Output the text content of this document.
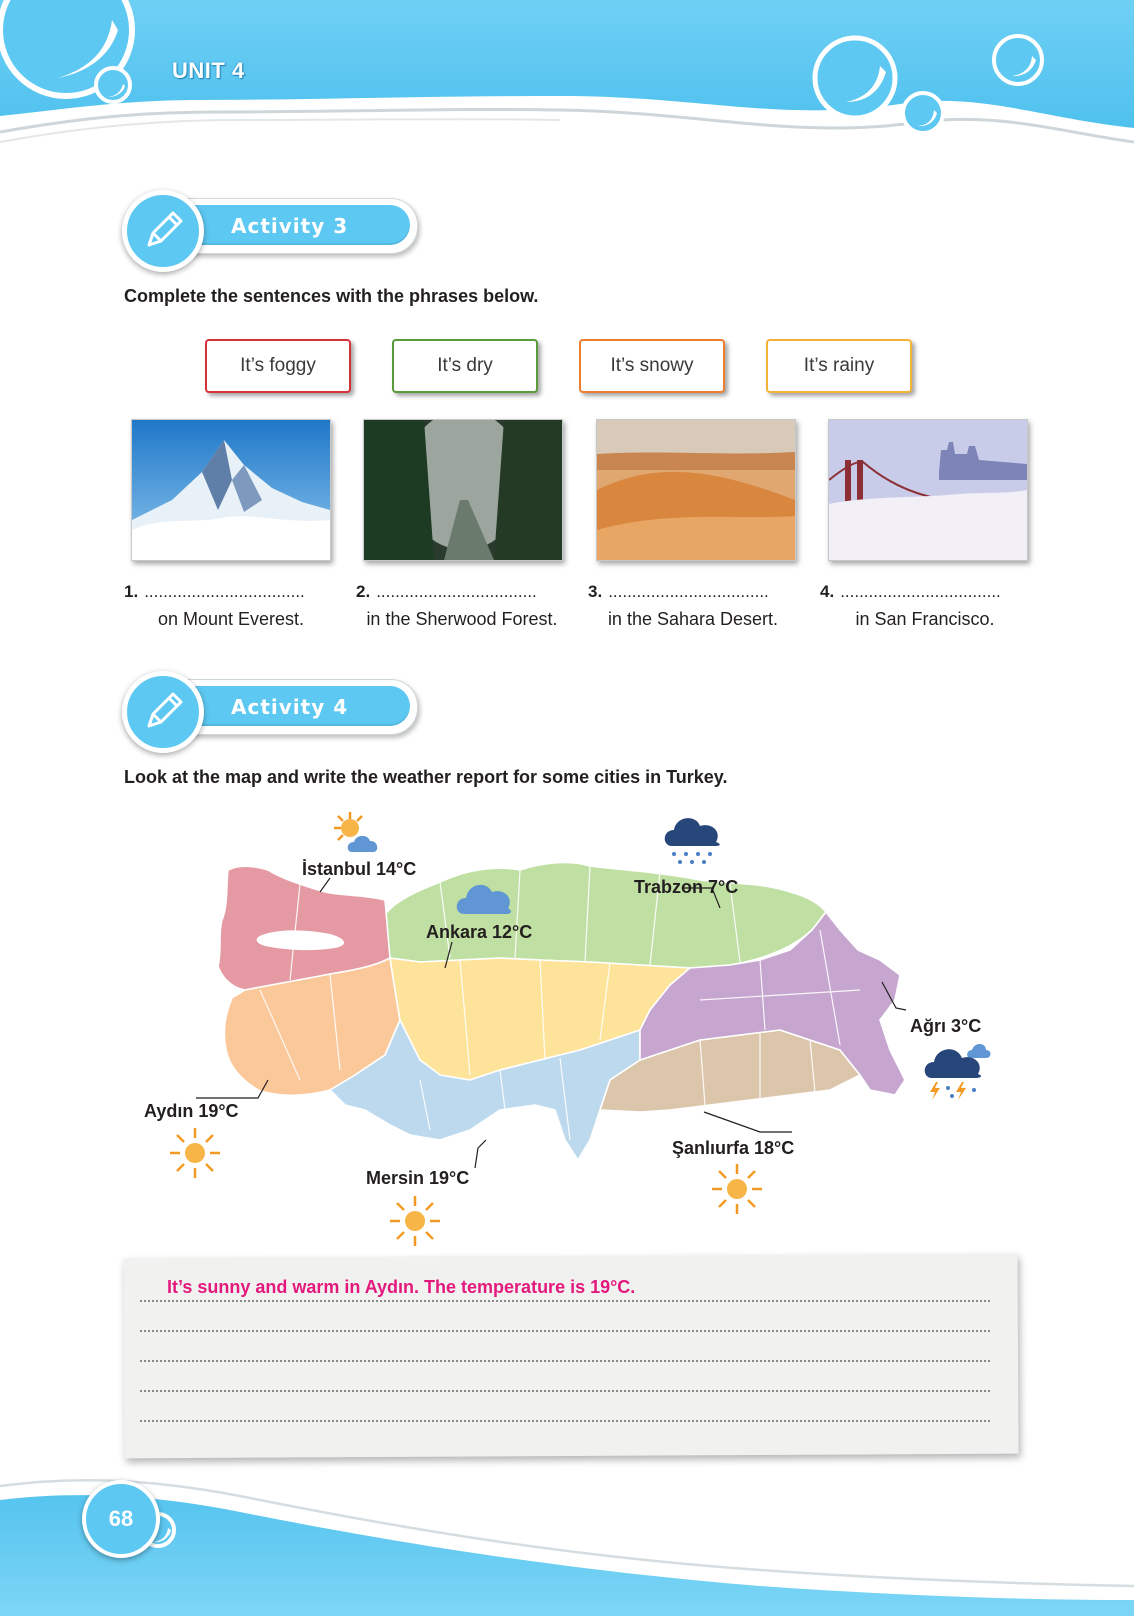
UNIT 4
Activity 3
Complete the sentences with the phrases below.
It’s foggy	It’s dry	It’s snowy	It’s rainy
1. ..................................	2. ..................................	3. ..................................	4. ..................................
on Mount Everest.	in the Sherwood Forest.	in the Sahara Desert.	in San Francisco.
Activity 4
Look at the map and write the weather report for some cities in Turkey.
İstanbul 14°C
Ankara 12°C
Trabzon 7°C
Ağrı 3°C
Aydın 19°C
Mersin 19°C
Şanlıurfa 18°C
It’s sunny and warm in Aydın. The temperature is 19°C.
68
